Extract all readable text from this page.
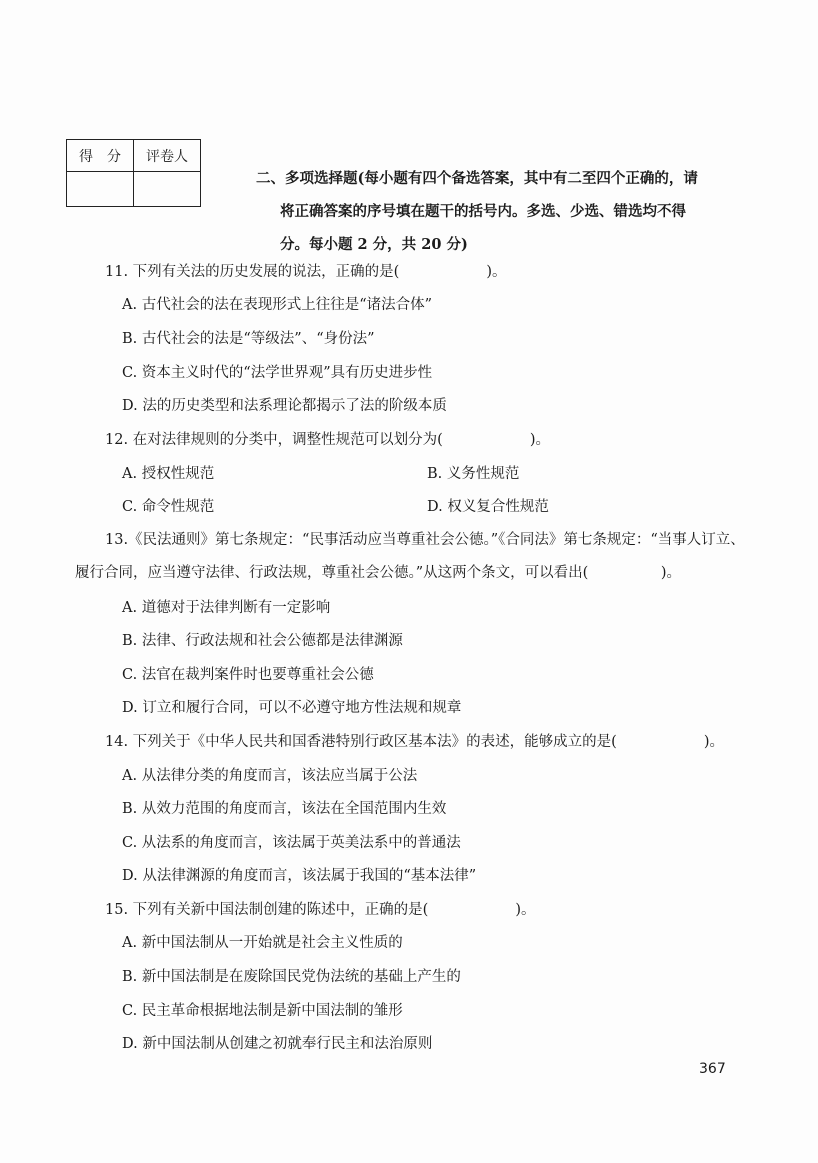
得　分	评卷人

二、多项选择题(每小题有四个备选答案，其中有二至四个正确的，请
将正确答案的序号填在题干的括号内。多选、少选、错选均不得
分。每小题 2 分，共 20 分)
11. 下列有关法的历史发展的说法，正确的是(　　　　　　)。
A. 古代社会的法在表现形式上往往是“诸法合体”
B. 古代社会的法是“等级法”、“身份法”
C. 资本主义时代的“法学世界观”具有历史进步性
D. 法的历史类型和法系理论都揭示了法的阶级本质
12. 在对法律规则的分类中，调整性规范可以划分为(　　　　　　)。
A. 授权性规范	B. 义务性规范
C. 命令性规范	D. 权义复合性规范
13.《民法通则》第七条规定：“民事活动应当尊重社会公德。”《合同法》第七条规定：“当事人订立、
履行合同，应当遵守法律、行政法规，尊重社会公德。”从这两个条文，可以看出(　　　　　)。
A. 道德对于法律判断有一定影响
B. 法律、行政法规和社会公德都是法律渊源
C. 法官在裁判案件时也要尊重社会公德
D. 订立和履行合同，可以不必遵守地方性法规和规章
14. 下列关于《中华人民共和国香港特别行政区基本法》的表述，能够成立的是(　　　　　　)。
A. 从法律分类的角度而言，该法应当属于公法
B. 从效力范围的角度而言，该法在全国范围内生效
C. 从法系的角度而言，该法属于英美法系中的普通法
D. 从法律渊源的角度而言，该法属于我国的“基本法律”
15. 下列有关新中国法制创建的陈述中，正确的是(　　　　　　)。
A. 新中国法制从一开始就是社会主义性质的
B. 新中国法制是在废除国民党伪法统的基础上产生的
C. 民主革命根据地法制是新中国法制的雏形
D. 新中国法制从创建之初就奉行民主和法治原则
367
